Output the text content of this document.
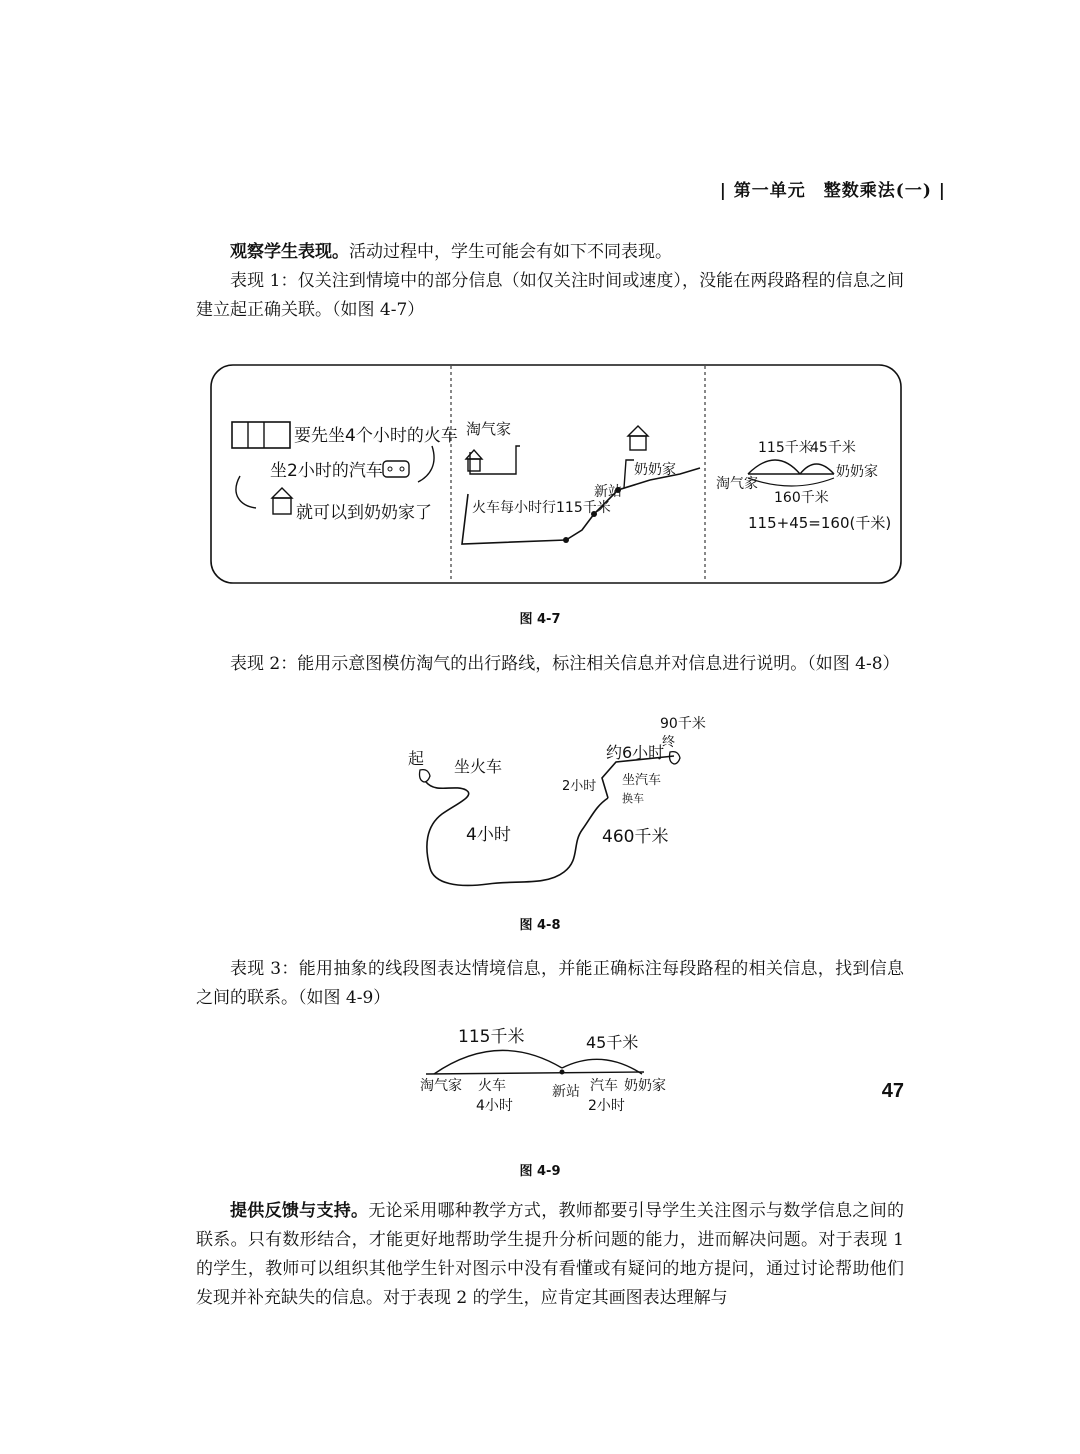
| 第一单元　整数乘法(一) |
观察学生表现。活动过程中，学生可能会有如下不同表现。
表现 1：仅关注到情境中的部分信息（如仅关注时间或速度），没能在两段路程的信息之间建立起正确关联。（如图 4-7）
要先坐4个小时的火车
坐2小时的汽车
就可以到奶奶家了
淘气家
火车每小时行115千米
新站
奶奶家
115千米
45千米
淘气家
奶奶家
160千米
115+45=160(千米)
图 4-7
表现 2：能用示意图模仿淘气的出行路线，标注相关信息并对信息进行说明。（如图 4-8）
起 坐火车
4小时
2小时 坐汽车
换车
约6小时
终
90千米
460千米
图 4-8
表现 3：能用抽象的线段图表达情境信息，并能正确标注每段路程的相关信息，找到信息之间的联系。（如图 4-9）
115千米	45千米
淘气家 火车
4小时
新站 汽车
2小时
奶奶家
图 4-9
提供反馈与支持。无论采用哪种教学方式，教师都要引导学生关注图示与数学信息之间的联系。只有数形结合，才能更好地帮助学生提升分析问题的能力，进而解决问题。对于表现 1 的学生，教师可以组织其他学生针对图示中没有看懂或有疑问的地方提问，通过讨论帮助他们发现并补充缺失的信息。对于表现 2 的学生，应肯定其画图表达理解与
47
